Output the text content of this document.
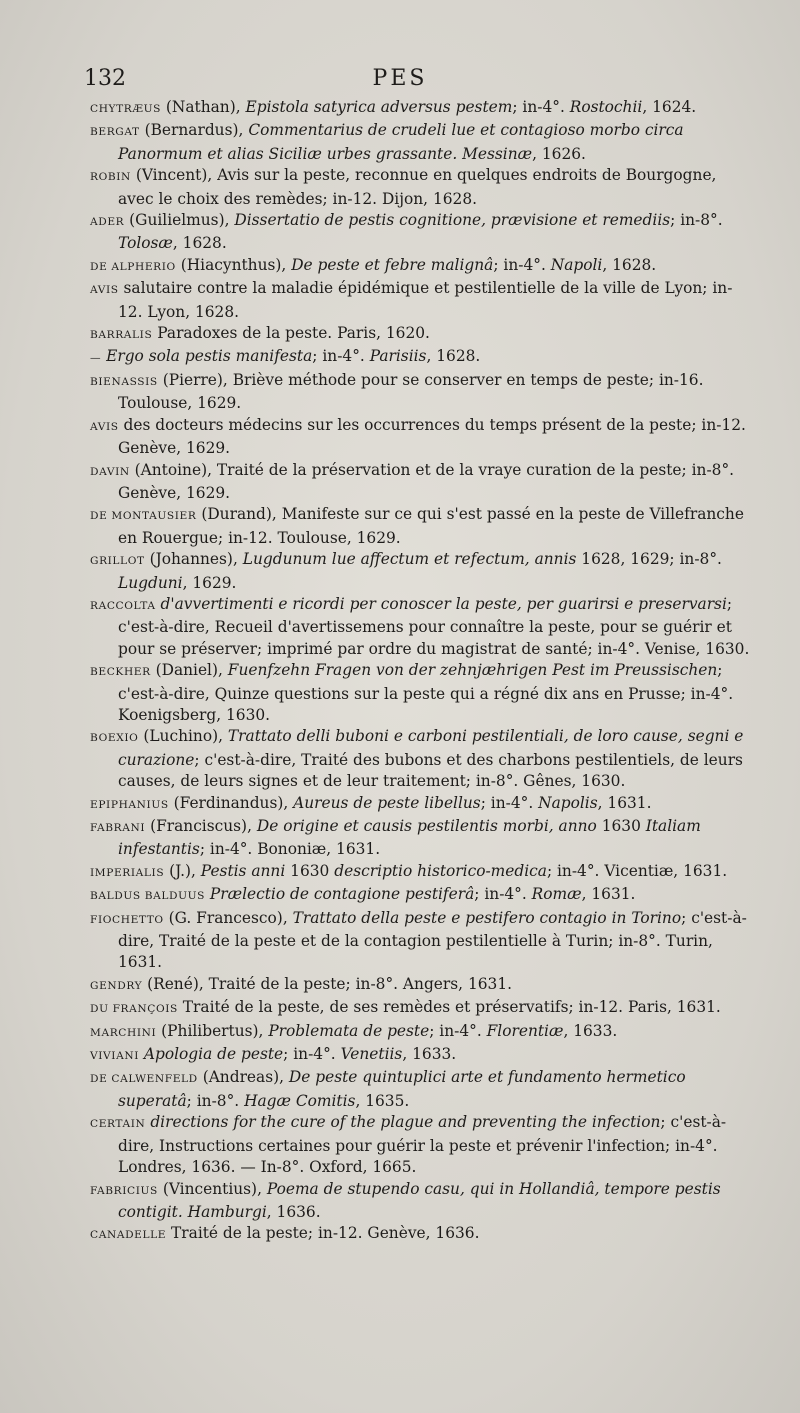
132	PES
CHYTRÆUS (Nathan), Epistola satyrica adversus pestem; in-4°. Rostochii, 1624.
BERGAT (Bernardus), Commentarius de crudeli lue et contagioso morbo circa Panormum et alias Siciliæ urbes grassante. Messinæ, 1626.
ROBIN (Vincent), Avis sur la peste, reconnue en quelques endroits de Bourgogne, avec le choix des remèdes; in-12. Dijon, 1628.
ADER (Guilielmus), Dissertatio de pestis cognitione, prævisione et remediis; in-8°. Tolosæ, 1628.
DE ALPHERIO (Hiacynthus), De peste et febre malignâ; in-4°. Napoli, 1628.
AVIS salutaire contre la maladie épidémique et pestilentielle de la ville de Lyon; in-12. Lyon, 1628.
BARRALIS Paradoxes de la peste. Paris, 1620.
— Ergo sola pestis manifesta; in-4°. Parisiis, 1628.
BIENASSIS (Pierre), Briève méthode pour se conserver en temps de peste; in-16. Toulouse, 1629.
AVIS des docteurs médecins sur les occurrences du temps présent de la peste; in-12. Genève, 1629.
DAVIN (Antoine), Traité de la préservation et de la vraye curation de la peste; in-8°. Genève, 1629.
DE MONTAUSIER (Durand), Manifeste sur ce qui s'est passé en la peste de Villefranche en Rouergue; in-12. Toulouse, 1629.
GRILLOT (Johannes), Lugdunum lue affectum et refectum, annis 1628, 1629; in-8°. Lugduni, 1629.
RACCOLTA d'avvertimenti e ricordi per conoscer la peste, per guarirsi e preservarsi; c'est-à-dire, Recueil d'avertissemens pour connaître la peste, pour se guérir et pour se préserver; imprimé par ordre du magistrat de santé; in-4°. Venise, 1630.
BECKHER (Daniel), Fuenfzehn Fragen von der zehnjæhrigen Pest im Preussischen; c'est-à-dire, Quinze questions sur la peste qui a régné dix ans en Prusse; in-4°. Koenigsberg, 1630.
BOEXIO (Luchino), Trattato delli buboni e carboni pestilentiali, de loro cause, segni e curazione; c'est-à-dire, Traité des bubons et des charbons pestilentiels, de leurs causes, de leurs signes et de leur traitement; in-8°. Gênes, 1630.
EPIPHANIUS (Ferdinandus), Aureus de peste libellus; in-4°. Napolis, 1631.
FABRANI (Franciscus), De origine et causis pestilentis morbi, anno 1630 Italiam infestantis; in-4°. Bononiæ, 1631.
IMPERIALIS (J.), Pestis anni 1630 descriptio historico-medica; in-4°. Vicentiæ, 1631.
BALDUS BALDUUS Prælectio de contagione pestiferâ; in-4°. Romæ, 1631.
FIOCHETTO (G. Francesco), Trattato della peste e pestifero contagio in Torino; c'est-à-dire, Traité de la peste et de la contagion pestilentielle à Turin; in-8°. Turin, 1631.
GENDRY (René), Traité de la peste; in-8°. Angers, 1631.
DU FRANÇOIS Traité de la peste, de ses remèdes et préservatifs; in-12. Paris, 1631.
MARCHINI (Philibertus), Problemata de peste; in-4°. Florentiæ, 1633.
VIVIANI Apologia de peste; in-4°. Venetiis, 1633.
DE CALWENFELD (Andreas), De peste quintuplici arte et fundamento hermetico superatâ; in-8°. Hagæ Comitis, 1635.
CERTAIN directions for the cure of the plague and preventing the infection; c'est-à-dire, Instructions certaines pour guérir la peste et prévenir l'infection; in-4°. Londres, 1636. — In-8°. Oxford, 1665.
FABRICIUS (Vincentius), Poema de stupendo casu, qui in Hollandiâ, tempore pestis contigit. Hamburgi, 1636.
CANADELLE Traité de la peste; in-12. Genève, 1636.
